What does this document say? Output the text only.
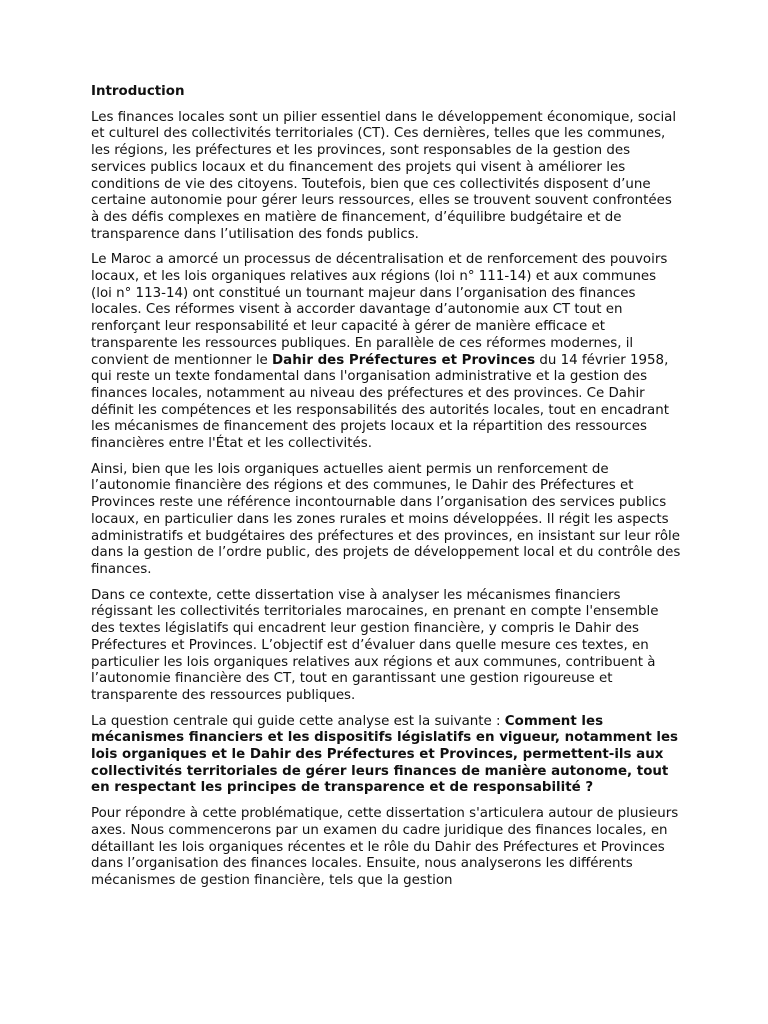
Introduction

Les finances locales sont un pilier essentiel dans le développement économique, social et culturel des collectivités territoriales (CT). Ces dernières, telles que les communes, les régions, les préfectures et les provinces, sont responsables de la gestion des services publics locaux et du financement des projets qui visent à améliorer les conditions de vie des citoyens. Toutefois, bien que ces collectivités disposent d’une certaine autonomie pour gérer leurs ressources, elles se trouvent souvent confrontées à des défis complexes en matière de financement, d’équilibre budgétaire et de transparence dans l’utilisation des fonds publics.

Le Maroc a amorcé un processus de décentralisation et de renforcement des pouvoirs locaux, et les lois organiques relatives aux régions (loi n° 111-14) et aux communes (loi n° 113-14) ont constitué un tournant majeur dans l’organisation des finances locales. Ces réformes visent à accorder davantage d’autonomie aux CT tout en renforçant leur responsabilité et leur capacité à gérer de manière efficace et transparente les ressources publiques. En parallèle de ces réformes modernes, il convient de mentionner le Dahir des Préfectures et Provinces du 14 février 1958, qui reste un texte fondamental dans l'organisation administrative et la gestion des finances locales, notamment au niveau des préfectures et des provinces. Ce Dahir définit les compétences et les responsabilités des autorités locales, tout en encadrant les mécanismes de financement des projets locaux et la répartition des ressources financières entre l'État et les collectivités.

Ainsi, bien que les lois organiques actuelles aient permis un renforcement de l’autonomie financière des régions et des communes, le Dahir des Préfectures et Provinces reste une référence incontournable dans l’organisation des services publics locaux, en particulier dans les zones rurales et moins développées. Il régit les aspects administratifs et budgétaires des préfectures et des provinces, en insistant sur leur rôle dans la gestion de l’ordre public, des projets de développement local et du contrôle des finances.

Dans ce contexte, cette dissertation vise à analyser les mécanismes financiers régissant les collectivités territoriales marocaines, en prenant en compte l'ensemble des textes législatifs qui encadrent leur gestion financière, y compris le Dahir des Préfectures et Provinces. L’objectif est d’évaluer dans quelle mesure ces textes, en particulier les lois organiques relatives aux régions et aux communes, contribuent à l’autonomie financière des CT, tout en garantissant une gestion rigoureuse et transparente des ressources publiques.

La question centrale qui guide cette analyse est la suivante : Comment les mécanismes financiers et les dispositifs législatifs en vigueur, notamment les lois organiques et le Dahir des Préfectures et Provinces, permettent-ils aux collectivités territoriales de gérer leurs finances de manière autonome, tout en respectant les principes de transparence et de responsabilité ?

Pour répondre à cette problématique, cette dissertation s'articulera autour de plusieurs axes. Nous commencerons par un examen du cadre juridique des finances locales, en détaillant les lois organiques récentes et le rôle du Dahir des Préfectures et Provinces dans l’organisation des finances locales. Ensuite, nous analyserons les différents mécanismes de gestion financière, tels que la gestion
